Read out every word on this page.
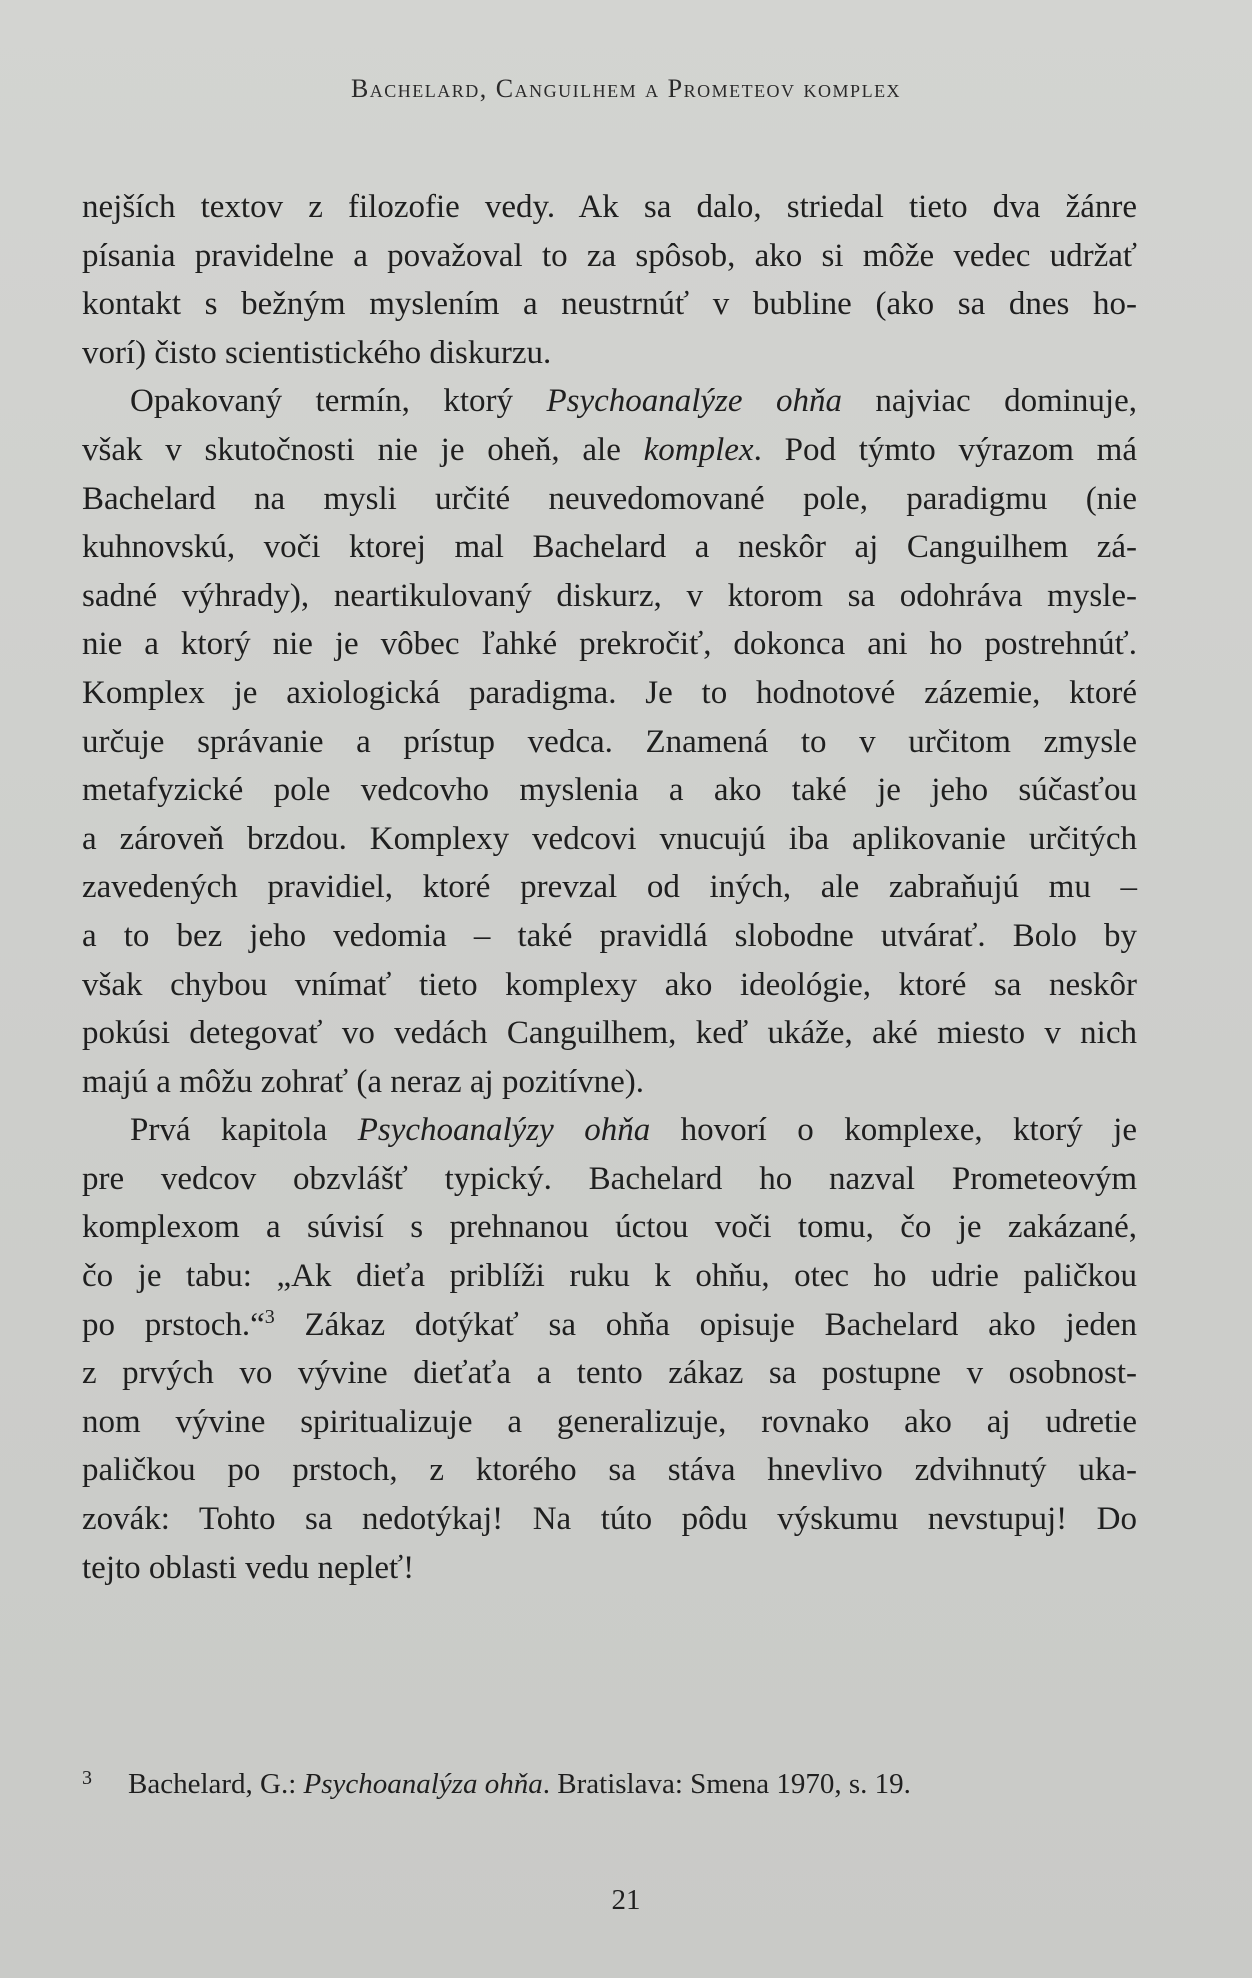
Bachelard, Canguilhem a Prometeov komplex
nejších textov z filozofie vedy. Ak sa dalo, striedal tieto dva žánre
písania pravidelne a považoval to za spôsob, ako si môže vedec udržať
kontakt s bežným myslením a neustrnúť v bubline (ako sa dnes ho-
vorí) čisto scientistického diskurzu.
Opakovaný termín, ktorý Psychoanalýze ohňa najviac dominuje,
však v skutočnosti nie je oheň, ale komplex. Pod týmto výrazom má
Bachelard na mysli určité neuvedomované pole, paradigmu (nie
kuhnovskú, voči ktorej mal Bachelard a neskôr aj Canguilhem zá-
sadné výhrady), neartikulovaný diskurz, v ktorom sa odohráva mysle-
nie a ktorý nie je vôbec ľahké prekročiť, dokonca ani ho postrehnúť.
Komplex je axiologická paradigma. Je to hodnotové zázemie, ktoré
určuje správanie a prístup vedca. Znamená to v určitom zmysle
metafyzické pole vedcovho myslenia a ako také je jeho súčasťou
a zároveň brzdou. Komplexy vedcovi vnucujú iba aplikovanie určitých
zavedených pravidiel, ktoré prevzal od iných, ale zabraňujú mu –
a to bez jeho vedomia – také pravidlá slobodne utvárať. Bolo by
však chybou vnímať tieto komplexy ako ideológie, ktoré sa neskôr
pokúsi detegovať vo vedách Canguilhem, keď ukáže, aké miesto v nich
majú a môžu zohrať (a neraz aj pozitívne).
Prvá kapitola Psychoanalýzy ohňa hovorí o komplexe, ktorý je
pre vedcov obzvlášť typický. Bachelard ho nazval Prometeovým
komplexom a súvisí s prehnanou úctou voči tomu, čo je zakázané,
čo je tabu: „Ak dieťa priblíži ruku k ohňu, otec ho udrie paličkou
po prstoch.“$^3$ Zákaz dotýkať sa ohňa opisuje Bachelard ako jeden
z prvých vo vývine dieťaťa a tento zákaz sa postupne v osobnost-
nom vývine spiritualizuje a generalizuje, rovnako ako aj udretie
paličkou po prstoch, z ktorého sa stáva hnevlivo zdvihnutý uka-
zovák: Tohto sa nedotýkaj! Na túto pôdu výskumu nevstupuj! Do
tejto oblasti vedu nepleť!
3 Bachelard, G.: Psychoanalýza ohňa. Bratislava: Smena 1970, s. 19.
21
